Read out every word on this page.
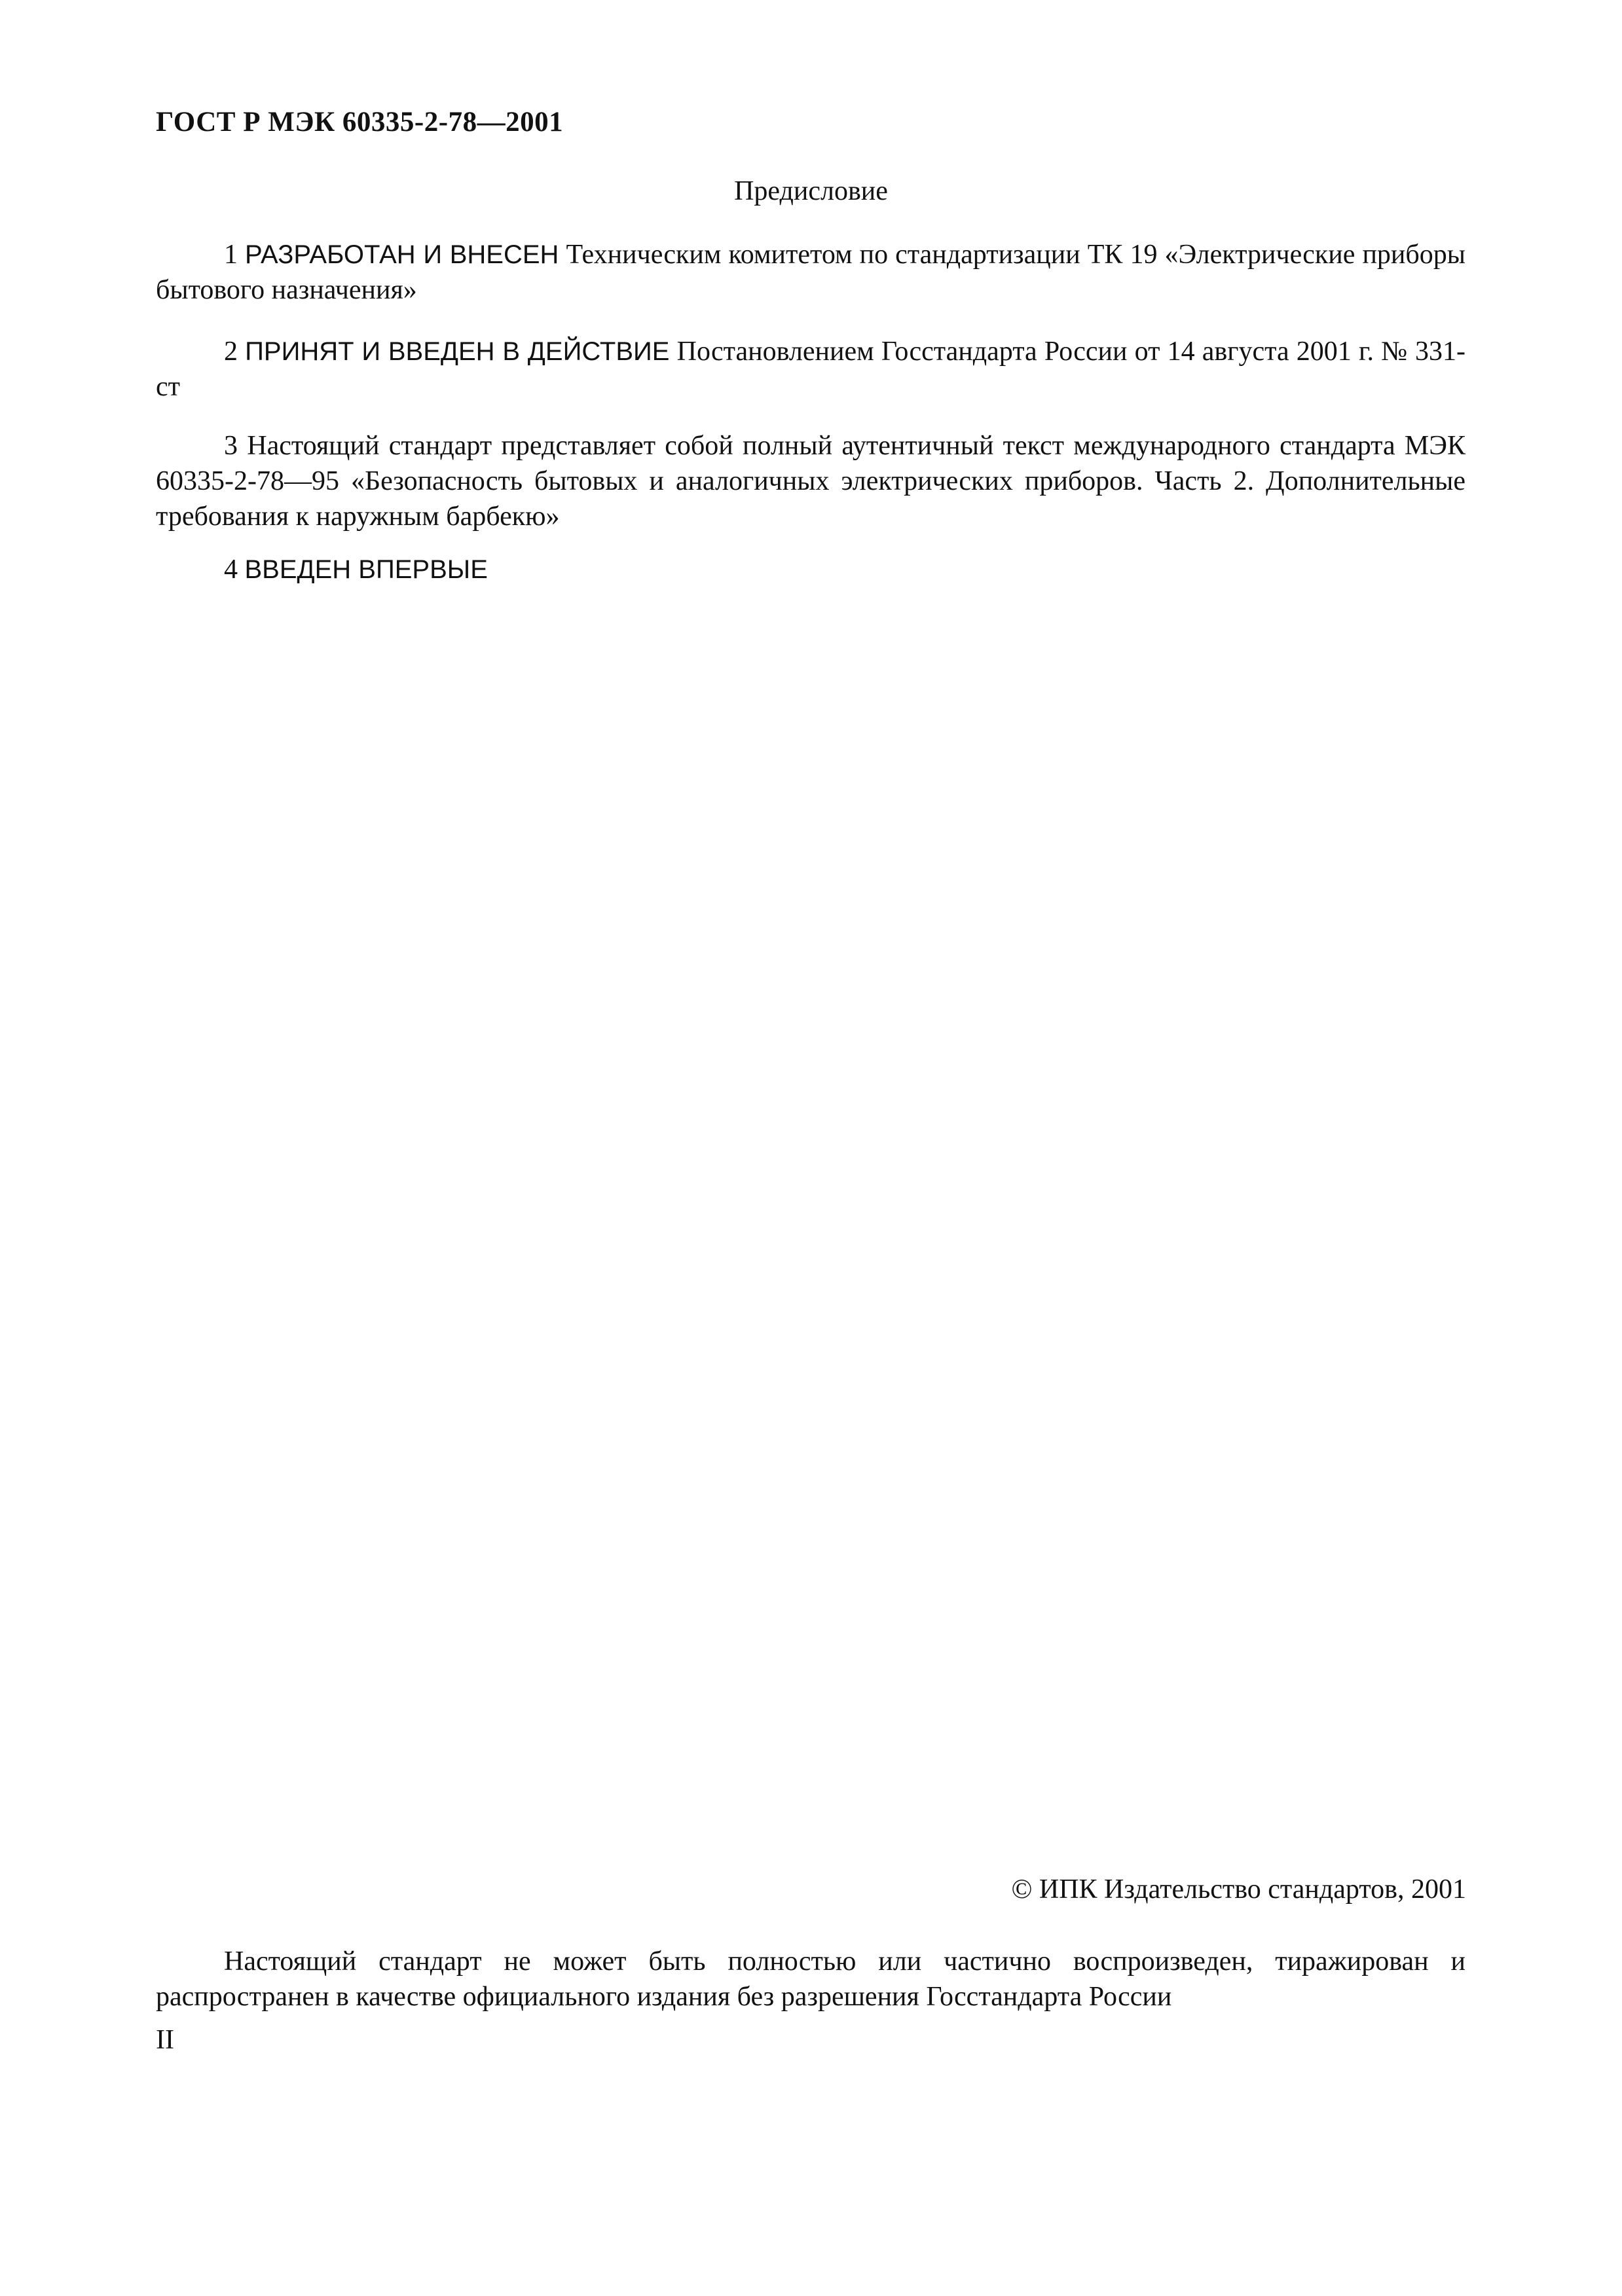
ГОСТ Р МЭК 60335-2-78—2001
Предисловие

1 РАЗРАБОТАН И ВНЕСЕН Техническим комитетом по стандартизации ТК 19 «Электрические приборы бытового назначения»

2 ПРИНЯТ И ВВЕДЕН В ДЕЙСТВИЕ Постановлением Госстандарта России от 14 августа 2001 г. № 331-ст

3 Настоящий стандарт представляет собой полный аутентичный текст международного стандарта МЭК 60335-2-78—95 «Безопасность бытовых и аналогичных электрических приборов. Часть 2. Дополнительные требования к наружным барбекю»

4 ВВЕДЕН ВПЕРВЫЕ

© ИПК Издательство стандартов, 2001

Настоящий стандарт не может быть полностью или частично воспроизведен, тиражирован и распространен в качестве официального издания без разрешения Госстандарта России

II
